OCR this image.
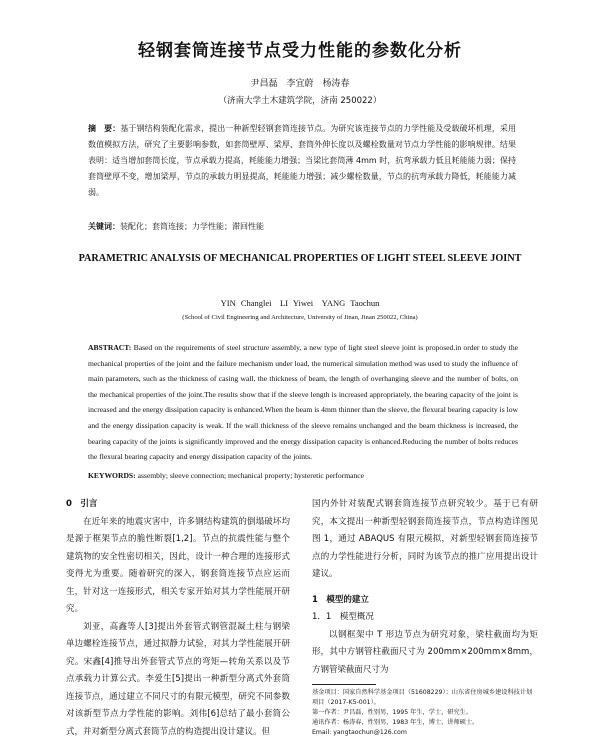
轻钢套筒连接节点受力性能的参数化分析
尹昌磊　李宜蔚　杨涛春
（济南大学土木建筑学院，济南 250022）
摘　要：基于钢结构装配化需求，提出一种新型轻钢套筒连接节点。为研究该连接节点的力学性能及受载破坏机理，采用数值模拟方法，研究了主要影响参数，如套筒壁厚、梁厚、套筒外伸长度以及螺栓数量对节点力学性能的影响规律。结果表明：适当增加套筒长度，节点承载力提高，耗能能力增强；当梁比套筒薄 4mm 时，抗弯承载力低且耗能能力弱；保持套筒壁厚不变，增加梁厚，节点的承载力明显提高，耗能能力增强；减少螺栓数量，节点的抗弯承载力降低，耗能能力减弱。
关键词：装配化；套筒连接；力学性能；滞回性能
PARAMETRIC ANALYSIS OF MECHANICAL PROPERTIES OF LIGHT STEEL SLEEVE JOINT
YIN Changlei　LI Yiwei　YANG Taochun
(School of Civil Engineering and Architecture, University of Jinan, Jinan 250022, China)
ABSTRACT: Based on the requirements of steel structure assembly, a new type of light steel sleeve joint is proposed.in order to study the mechanical properties of the joint and the failure mechanism under load, the numerical simulation method was used to study the influence of main parameters, such as the thickness of casing wall, the thickness of beam, the length of overhanging sleeve and the number of bolts, on the mechanical properties of the joint.The results show that if the sleeve length is increased appropriately, the bearing capacity of the joint is increased and the energy dissipation capacity is enhanced.When the beam is 4mm thinner than the sleeve, the flexural bearing capacity is low and the energy dissipation capacity is weak. If the wall thickness of the sleeve remains unchanged and the beam thickness is increased, the bearing capacity of the joints is significantly improved and the energy dissipation capacity is enhanced.Reducing the number of bolts reduces the flexural bearing capacity and energy dissipation capacity of the joints.
KEYWORDS: assembly; sleeve connection; mechanical property; hysteretic performance

0　引言

在近年来的地震灾害中，许多钢结构建筑的倒塌破坏均是源于框架节点的脆性断裂[1,2]。节点的抗震性能与整个建筑物的安全性密切相关，因此，设计一种合理的连接形式变得尤为重要。随着研究的深入，钢套筒连接节点应运而生，针对这一连接形式，相关专家开始对其力学性能展开研究。

刘亚，高鑫等人[3]提出外套管式钢管混凝土柱与钢梁单边螺栓连接节点，通过拟静力试验，对其力学性能展开研究。宋鑫[4]推导出外套管式节点的弯矩—转角关系以及节点承载力计算公式。李爱生[5]提出一种新型分离式外套筒连接节点，通过建立不同尺寸的有限元模型，研究不同参数对该新型节点力学性能的影响。刘伟[6]总结了最小套筒公式，并对新型分离式套筒节点的构造提出设计建议。但

国内外针对装配式钢套筒连接节点研究较少。基于已有研究，本文提出一种新型轻钢套筒连接节点，节点构造详图见图 1，通过 ABAQUS 有限元模拟，对新型轻钢套筒连接节点的力学性能进行分析，同时为该节点的推广应用提出设计建议。

1　模型的建立

1．1　模型概况

以钢框架中 T 形边节点为研究对象，梁柱截面均为矩形，其中方钢管柱截面尺寸为 200mm×200mm×8mm，方钢管梁截面尺寸为

基金项目：国家自然科学基金项目（51608229）；山东省住房城乡建设科技计划项目（2017-K5-001）。
第一作者：尹昌磊，性别男，1995 年生，学士，研究生。
通讯作者：杨涛春，性别男，1983 年生，博士，讲师硕士。
Email: yangtaochun@126.com
